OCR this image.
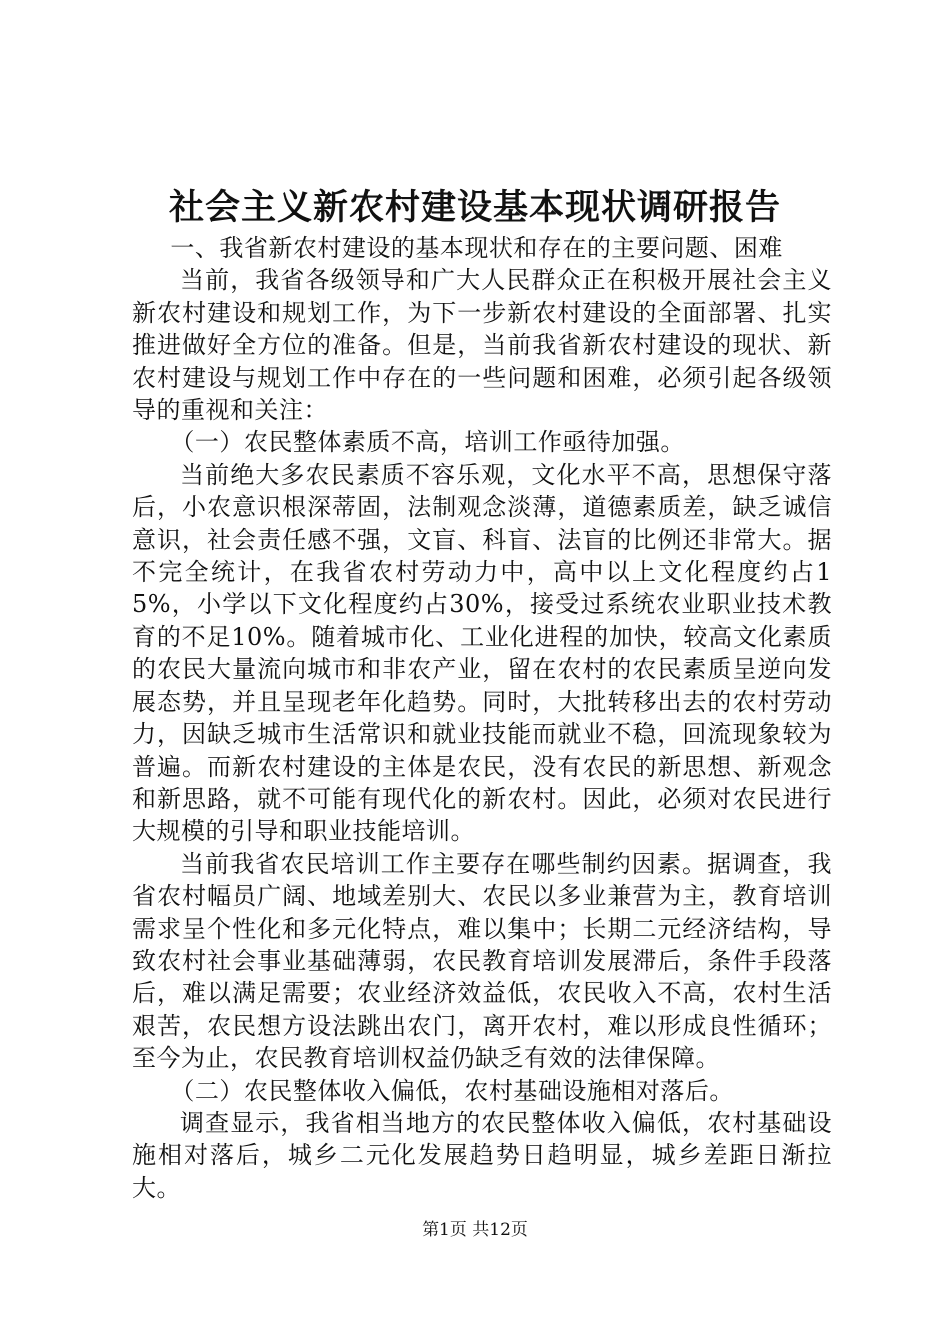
社会主义新农村建设基本现状调研报告

一、我省新农村建设的基本现状和存在的主要问题、困难

当前，我省各级领导和广大人民群众正在积极开展社会主义新农村建设和规划工作，为下一步新农村建设的全面部署、扎实推进做好全方位的准备。但是，当前我省新农村建设的现状、新农村建设与规划工作中存在的一些问题和困难，必须引起各级领导的重视和关注：

（一）农民整体素质不高，培训工作亟待加强。

当前绝大多农民素质不容乐观，文化水平不高，思想保守落后，小农意识根深蒂固，法制观念淡薄，道德素质差，缺乏诚信意识，社会责任感不强，文盲、科盲、法盲的比例还非常大。据不完全统计，在我省农村劳动力中，高中以上文化程度约占15%，小学以下文化程度约占30%，接受过系统农业职业技术教育的不足10%。随着城市化、工业化进程的加快，较高文化素质的农民大量流向城市和非农产业，留在农村的农民素质呈逆向发展态势，并且呈现老年化趋势。同时，大批转移出去的农村劳动力，因缺乏城市生活常识和就业技能而就业不稳，回流现象较为普遍。而新农村建设的主体是农民，没有农民的新思想、新观念和新思路，就不可能有现代化的新农村。因此，必须对农民进行大规模的引导和职业技能培训。

当前我省农民培训工作主要存在哪些制约因素。据调查，我省农村幅员广阔、地域差别大、农民以多业兼营为主，教育培训需求呈个性化和多元化特点，难以集中；长期二元经济结构，导致农村社会事业基础薄弱，农民教育培训发展滞后，条件手段落后，难以满足需要；农业经济效益低，农民收入不高，农村生活艰苦，农民想方设法跳出农门，离开农村，难以形成良性循环；至今为止，农民教育培训权益仍缺乏有效的法律保障。

（二）农民整体收入偏低，农村基础设施相对落后。

调查显示，我省相当地方的农民整体收入偏低，农村基础设施相对落后，城乡二元化发展趋势日趋明显，城乡差距日渐拉大。

第1页 共12页
